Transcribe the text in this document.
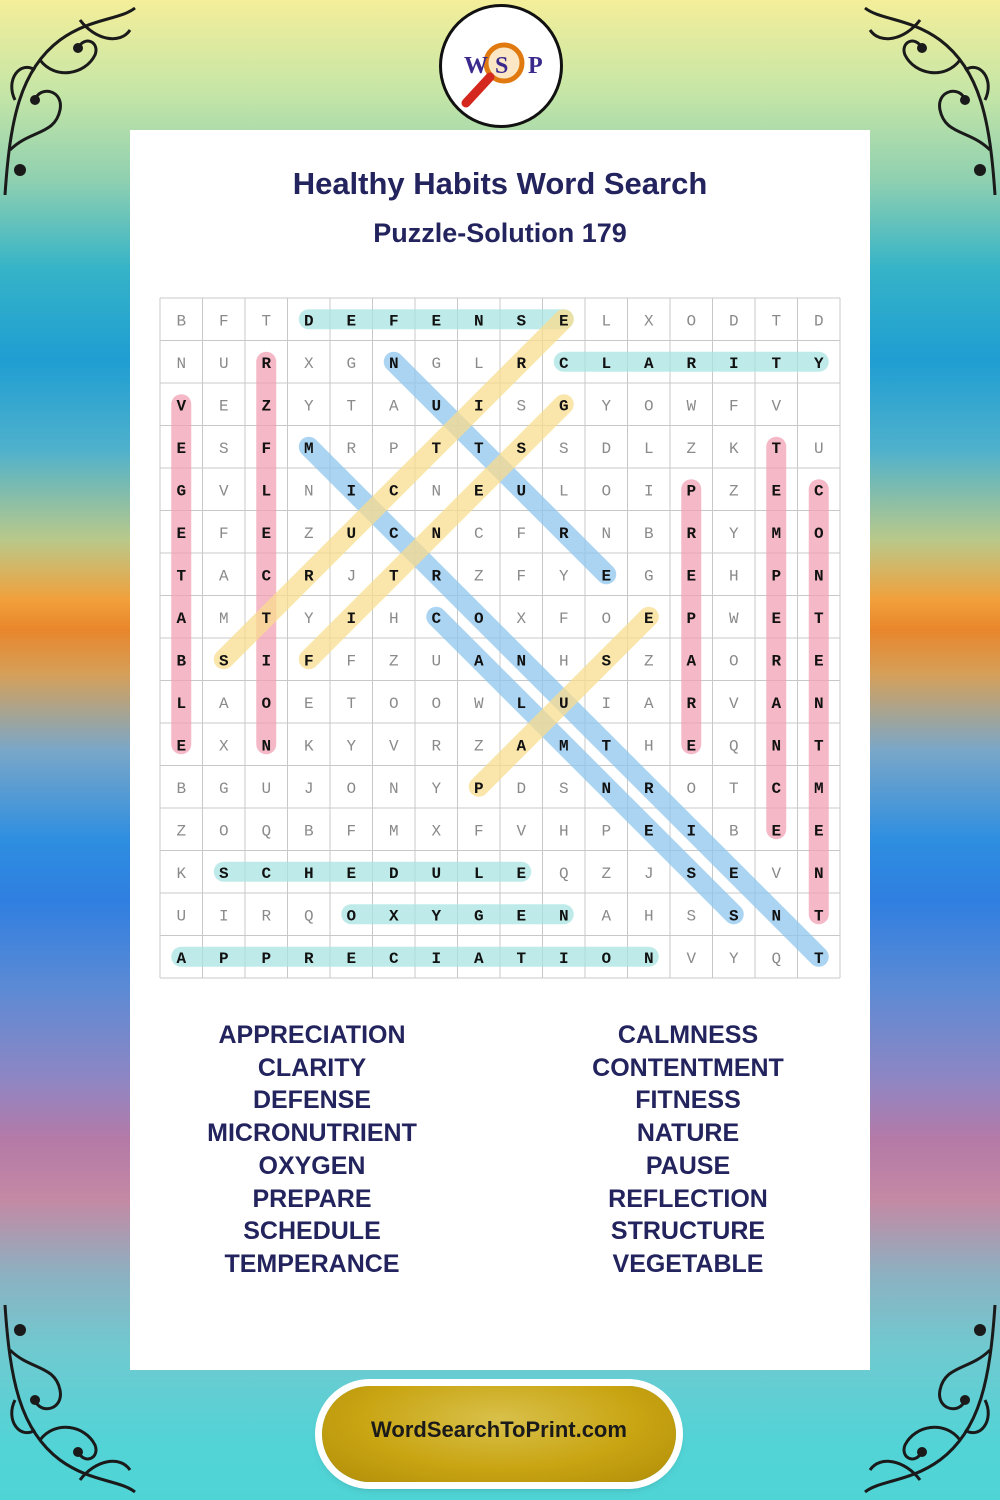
W S P
Healthy Habits Word Search
Puzzle-Solution 179
B F T D E F E N S E L X O D T D
N U R X G N G L R C L A R I T Y
V E Z Y T A U I S G Y O W F V
E S F M R P T T S S D L Z K T U
G V L N I C N E U L O I P Z E C
E F E Z U C N C F R N B R Y M O
T A C R J T R Z F Y E G E H P N
A M T Y I H C O X F O E P W E T
B S I F F Z U A N H S Z A O R E
L A O E T O O W L U I A R V A N
E X N K Y V R Z A M T H E Q N T
B G U J O N Y P D S N R O T C M
Z O Q B F M X F V H P E I B E E
K S C H E D U L E Q Z J S E V N
U I R Q O X Y G E N A H S S N T
A P P R E C I A T I O N V Y Q T
APPRECIATION
CLARITY
DEFENSE
MICRONUTRIENT
OXYGEN
PREPARE
SCHEDULE
TEMPERANCE
CALMNESS
CONTENTMENT
FITNESS
NATURE
PAUSE
REFLECTION
STRUCTURE
VEGETABLE
WordSearchToPrint.com
